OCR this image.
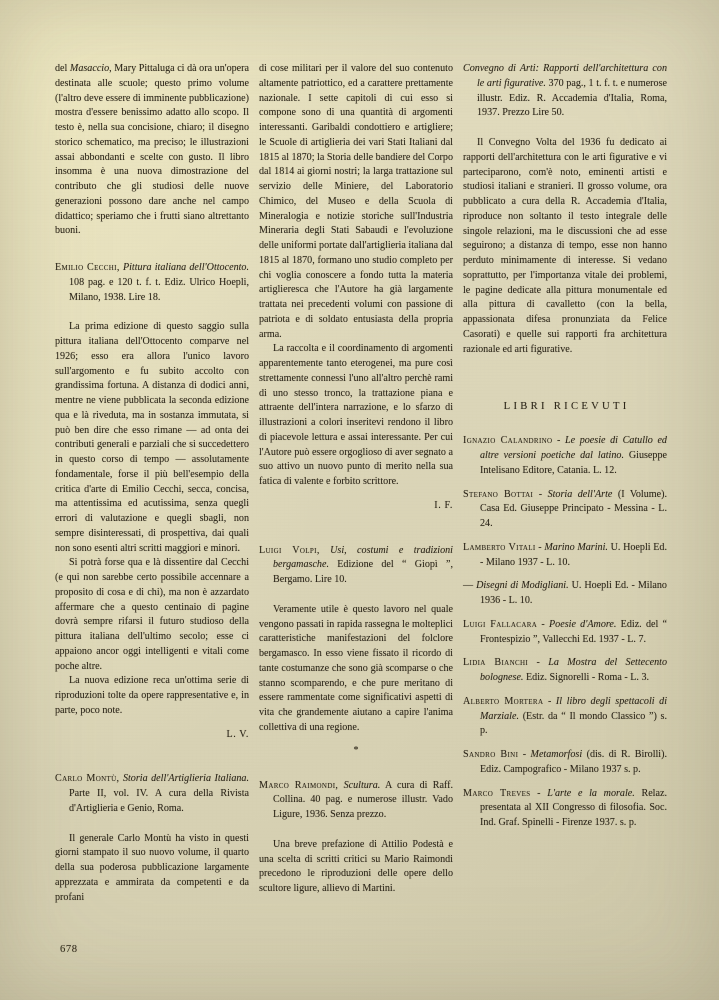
del Masaccio, Mary Pittaluga ci dà ora un'opera destinata alle scuole; questo primo volume (l'altro deve essere di imminente pubblicazione) mostra d'essere benissimo adatto allo scopo. Il testo è, nella sua concisione, chiaro; il disegno storico schematico, ma preciso; le illustrazioni assai abbondanti e scelte con gusto. Il libro insomma è una nuova dimostrazione del contributo che gli studiosi delle nuove generazioni possono dare anche nel campo didattico; speriamo che i frutti siano altrettanto buoni.

Emilio Cecchi, Pittura italiana dell'Ottocento. 108 pag. e 120 t. f. t. Ediz. Ulrico Hoepli, Milano, 1938. Lire 18.

La prima edizione di questo saggio sulla pittura italiana dell'Ottocento comparve nel 1926; esso era allora l'unico lavoro sull'argomento e fu subito accolto con grandissima fortuna. A distanza di dodici anni, mentre ne viene pubblicata la seconda edizione qua e là riveduta, ma in sostanza immutata, si può ben dire che esso rimane — ad onta dei contributi generali e parziali che si succedettero in questo corso di tempo — assolutamente fondamentale, forse il più bell'esempio della critica d'arte di Emilio Cecchi, secca, concisa, ma attentissima ed acutissima, senza quegli errori di valutazione e quegli sbagli, non sempre disinteressati, di prospettiva, dai quali non sono esenti altri scritti maggiori e minori.

Si potrà forse qua e là dissentire dal Cecchi (e qui non sarebbe certo possibile accennare a proposito di cosa e di chi), ma non è azzardato affermare che a questo centinaio di pagine dovrà sempre rifarsi il futuro studioso della pittura italiana dell'ultimo secolo; esse ci appaiono ancor oggi intelligenti e vitali come poche altre.

La nuova edizione reca un'ottima serie di riproduzioni tolte da opere rappresentative e, in parte, poco note.

L. V.

Carlo Montù, Storia dell'Artiglieria Italiana. Parte II, vol. IV. A cura della Rivista d'Artiglieria e Genio, Roma.

Il generale Carlo Montù ha visto in questi giorni stampato il suo nuovo volume, il quarto della sua poderosa pubblicazione largamente apprezzata e ammirata da competenti e da profani

di cose militari per il valore del suo contenuto altamente patriottico, ed a carattere prettamente nazionale. I sette capitoli di cui esso si compone sono di una quantità di argomenti interessanti. Garibaldi condottiero e artigliere; le Scuole di artiglieria dei vari Stati Italiani dal 1815 al 1870; la Storia delle bandiere del Corpo dal 1814 ai giorni nostri; la larga trattazione sul servizio delle Miniere, del Laboratorio Chimico, del Museo e della Scuola di Mineralogia e notizie storiche sull'Industria Mineraria degli Stati Sabaudi e l'evoluzione delle uniformi portate dall'artiglieria italiana dal 1815 al 1870, formano uno studio completo per chi voglia conoscere a fondo tutta la materia artiglieresca che l'Autore ha già largamente trattata nei precedenti volumi con passione di patriota e di soldato entusiasta della propria arma.

La raccolta e il coordinamento di argomenti apparentemente tanto eterogenei, ma pure così strettamente connessi l'uno all'altro perchè rami di uno stesso tronco, la trattazione piana e attraente dell'intera narrazione, e lo sfarzo di illustrazioni a colori inseritevi rendono il libro di piacevole lettura e assai interessante. Per cui l'Autore può essere orgoglioso di aver segnato a suo attivo un nuovo punto di merito nella sua fatica di valente e forbito scrittore.

I. F.

Luigi Volpi, Usi, costumi e tradizioni bergamasche. Edizione del “ Giopì ”, Bergamo. Lire 10.

Veramente utile è questo lavoro nel quale vengono passati in rapida rassegna le molteplici caratteristiche manifestazioni del folclore bergamasco. In esso viene fissato il ricordo di tante costumanze che sono già scomparse o che stanno scomparendo, e che pure meritano di essere rammentate come significativi aspetti di vita che grandemente aiutano a capire l'anima collettiva di una regione.

*

Marco Raimondi, Scultura. A cura di Raff. Collina. 40 pag. e numerose illustr. Vado Ligure, 1936. Senza prezzo.

Una breve prefazione di Attilio Podestà e una scelta di scritti critici su Mario Raimondi precedono le riproduzioni delle opere dello scultore ligure, allievo di Martini.

Convegno di Arti: Rapporti dell'architettura con le arti figurative. 370 pag., 1 t. f. t. e numerose illustr. Ediz. R. Accademia d'Italia, Roma, 1937. Prezzo Lire 50.

Il Convegno Volta del 1936 fu dedicato ai rapporti dell'architettura con le arti figurative e vi parteciparono, com'è noto, eminenti artisti e studiosi italiani e stranieri. Il grosso volume, ora pubblicato a cura della R. Accademia d'Italia, riproduce non soltanto il testo integrale delle singole relazioni, ma le discussioni che ad esse seguirono; a distanza di tempo, esse non hanno perduto minimamente di interesse. Si vedano soprattutto, per l'importanza vitale dei problemi, le pagine dedicate alla pittura monumentale ed alla pittura di cavalletto (con la bella, appassionata difesa pronunziata da Felice Casorati) e quelle sui rapporti fra architettura razionale ed arti figurative.

LIBRI RICEVUTI

Ignazio Calandrino - Le poesie di Catullo ed altre versioni poetiche dal latino. Giuseppe Intelisano Editore, Catania. L. 12.

Stefano Bottai - Storia dell'Arte (I Volume). Casa Ed. Giuseppe Principato - Messina - L. 24.

Lamberto Vitali - Marino Marini. U. Hoepli Ed. - Milano 1937 - L. 10.

— Disegni di Modigliani. U. Hoepli Ed. - Milano 1936 - L. 10.

Luigi Fallacara - Poesie d'Amore. Ediz. del “ Frontespizio ”, Vallecchi Ed. 1937 - L. 7.

Lidia Bianchi - La Mostra del Settecento bolognese. Ediz. Signorelli - Roma - L. 3.

Alberto Mortera - Il libro degli spettacoli di Marziale. (Estr. da “ Il mondo Classico ”) s. p.

Sandro Bini - Metamorfosi (dis. di R. Birolli). Ediz. Campografico - Milano 1937 s. p.

Marco Treves - L'arte e la morale. Relaz. presentata al XII Congresso di filosofia. Soc. Ind. Graf. Spinelli - Firenze 1937. s. p.

678
